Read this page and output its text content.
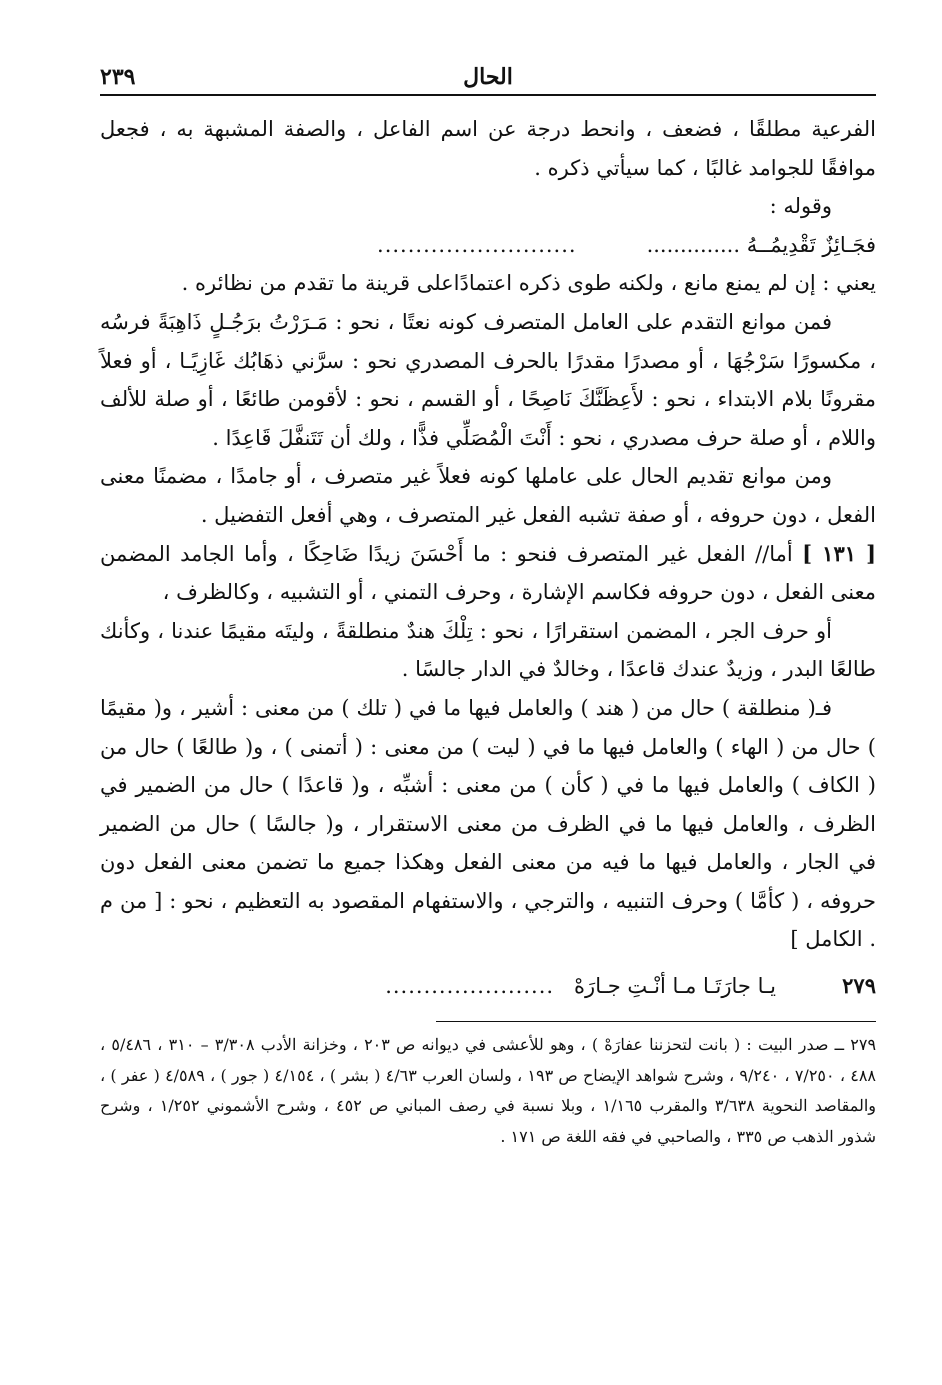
الحال
٢٣٩

الفرعية مطلقًا ، فضعف ، وانحط درجة عن اسم الفاعل ، والصفة المشبهة به ، فجعل موافقًا للجوامد غالبًا ، كما سيأتي ذكره .

وقوله :

فجَـائِزٌ تَقْدِيمُــهُ ..............
..........................

يعني : إن لم يمنع مانع ، ولكنه طوى ذكره اعتمادًاعلى قرينة ما تقدم من نظائره .

فمن موانع التقدم على العامل المتصرف كونه نعتًا ، نحو : مَـرَرْتُ برَجُـلٍ ذَاهِبَةً فرسُه ، مكسورًا سَرْجُهَا ، أو مصدرًا مقدرًا بالحرف المصدري نحو : سرَّني ذهَابُك غَازِيًـا ، أو فعلاً مقرونًا بلام الابتداء ، نحو : لأَعِظَنَّكَ نَاصِحًا ، أو القسم ، نحو : لأقومن طائعًا ، أو صلة للألف واللام ، أو صلة حرف مصدري ، نحو : أَنْتَ الْمُصَلِّي فذًّا ، ولك أن تَتَنفَّلَ قَاعِدًا .

ومن موانع تقديم الحال على عاملها كونه فعلاً غير متصرف ، أو جامدًا ، مضمنًا معنى الفعل ، دون حروفه ، أو صفة تشبه الفعل غير المتصرف ، وهي أفعل التفضيل .

[ ١٣١ ] أما// الفعل غير المتصرف فنحو : ما أَحْسَنَ زيدًا ضَاحِكًا ، وأما الجامد المضمن معنى الفعل ، دون حروفه فكاسم الإشارة ، وحرف التمني ، أو التشبيه ، وكالظرف ،

أو حرف الجر ، المضمن استقرارًا ، نحو : تِلْكَ هندٌ منطلقةً ، وليتَه مقيمًا عندنا ، وكأنك طالعًا البدر ، وزيدٌ عندك قاعدًا ، وخالدٌ في الدار جالسًا .

فـ( منطلقة ) حال من ( هند ) والعامل فيها ما في ( تلك ) من معنى : أشير ، و( مقيمًا ) حال من ( الهاء ) والعامل فيها ما في ( ليت ) من معنى : ( أتمنى ) ، و( طالعًا ) حال من ( الكاف ) والعامل فيها ما في ( كأن ) من معنى : أشبِّه ، و( قاعدًا ) حال من الضمير في الظرف ، والعامل فيها ما في الظرف من معنى الاستقرار ، و( جالسًا ) حال من الضمير في الجار ، والعامل فيها ما فيه من معنى الفعل وهكذا جميع ما تضمن معنى الفعل دون حروفه ، ( كأمَّا ) وحرف التنبيه ، والترجي ، والاستفهام المقصود به التعظيم ، نحو : [ من م . الكامل ]

٢٧٩
يـا جارَتَـا مـا أنْـتِ جـارَهْ
......................

٢٧٩ ــ صدر البيت : ( بانت لتحزننا عفارَهْ ) ، وهو للأعشى في ديوانه ص ٢٠٣ ، وخزانة الأدب ٣/٣٠٨ – ٣١٠ ، ٥/٤٨٦ ، ٤٨٨ ، ٧/٢٥٠ ، ٩/٢٤٠ ، وشرح شواهد الإيضاح ص ١٩٣ ، ولسان العرب ٤/٦٣ ( بشر ) ، ٤/١٥٤ ( جور ) ، ٤/٥٨٩ ( عفر ) ، والمقاصد النحوية ٣/٦٣٨ والمقرب ١/١٦٥ ، وبلا نسبة في رصف المباني ص ٤٥٢ ، وشرح الأشموني ١/٢٥٢ ، وشرح شذور الذهب ص ٣٣٥ ، والصاحبي في فقه اللغة ص ١٧١ .
